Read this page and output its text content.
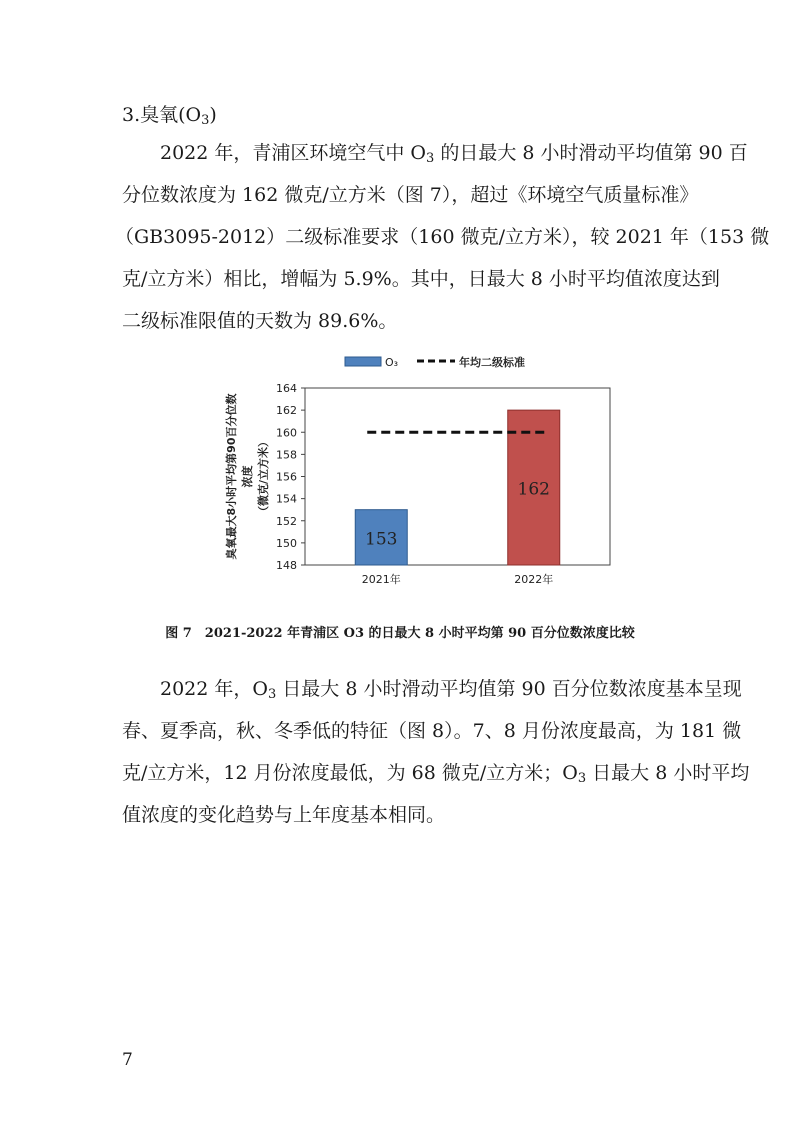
3.臭氧$(O_3)$
2022 年，青浦区环境空气中 $O_3$ 的日最大 8 小时滑动平均值第 90 百
分位数浓度为 162 微克/立方米（图 7），超过《环境空气质量标准》
（GB3095-2012）二级标准要求（160 微克/立方米），较 2021 年（153 微
克/立方米）相比，增幅为 5.9%。其中，日最大 8 小时平均值浓度达到
二级标准限值的天数为 89.6%。
148
150
152
154
156
158
160
162
164
2021年
153
2022年
162
O₃	年均二级标准
臭氧最大8小时平均第90百分位数 浓度 （微克/立方米）
图 7　2021-2022 年青浦区 O3 的日最大 8 小时平均第 90 百分位数浓度比较
2022 年，$O_3$ 日最大 8 小时滑动平均值第 90 百分位数浓度基本呈现
春、夏季高，秋、冬季低的特征（图 8）。7、8 月份浓度最高，为 181 微
克/立方米，12 月份浓度最低，为 68 微克/立方米；$O_3$ 日最大 8 小时平均
值浓度的变化趋势与上年度基本相同。
7
